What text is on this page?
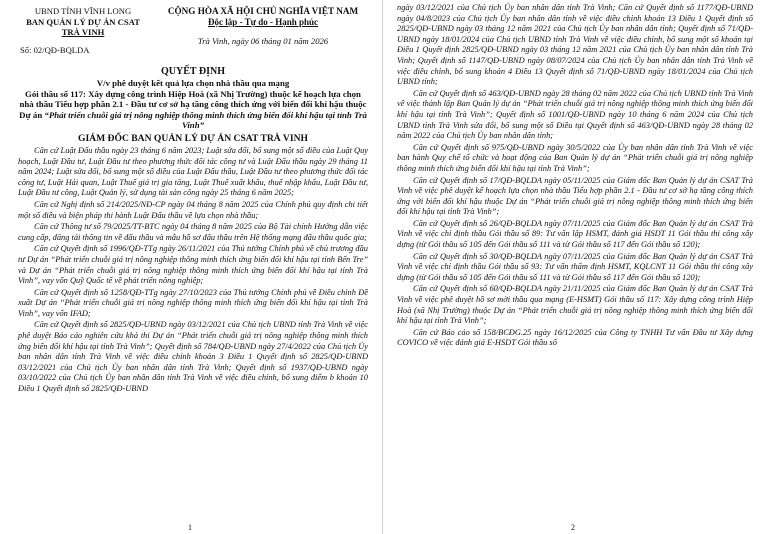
UBND TỈNH VĨNH LONG
BAN QUẢN LÝ DỰ ÁN CSAT
TRÀ VINH
Số: 02/QĐ-BQLDA
CỘNG HÒA XÃ HỘI CHỦ NGHĨA VIỆT NAM
Độc lập - Tự do - Hạnh phúc
Trà Vinh, ngày 06 tháng 01 năm 2026
QUYẾT ĐỊNH
V/v phê duyệt kết quả lựa chọn nhà thầu qua mạng
Gói thầu số 117: Xây dựng công trình Hiệp Hoà (xã Nhị Trường) thuộc kế hoạch lựa chọn nhà thầu Tiểu hợp phần 2.1 - Đầu tư cơ sở hạ tầng công thích ứng với biến đổi khí hậu thuộc Dự án “Phát triển chuỗi giá trị nông nghiệp thông minh thích ứng biến đổi khí hậu tại tỉnh Trà Vinh”
GIÁM ĐỐC BAN QUẢN LÝ DỰ ÁN CSAT TRÀ VINH

Căn cứ Luật Đấu thầu ngày 23 tháng 6 năm 2023; Luật sửa đổi, bổ sung một số điều của Luật Quy hoạch, Luật Đầu tư, Luật Đầu tư theo phương thức đối tác công tư và Luật Đấu thầu ngày 29 tháng 11 năm 2024; Luật sửa đổi, bổ sung một số điều của Luật Đấu thầu, Luật Đầu tư theo phương thức đối tác công tư, Luật Hải quan, Luật Thuế giá trị gia tăng, Luật Thuế xuất khẩu, thuế nhập khẩu, Luật Đầu tư, Luật Đầu tư công, Luật Quản lý, sử dụng tài sản công ngày 25 tháng 6 năm 2025;

Căn cứ Nghị định số 214/2025/NĐ-CP ngày 04 tháng 8 năm 2025 của Chính phủ quy định chi tiết một số điều và biện pháp thi hành Luật Đấu thầu về lựa chọn nhà thầu;

Căn cứ Thông tư số 79/2025/TT-BTC ngày 04 tháng 8 năm 2025 của Bộ Tài chính Hướng dẫn việc cung cấp, đăng tải thông tin về đấu thầu và mẫu hồ sơ đấu thầu trên Hệ thống mạng đấu thầu quốc gia;

Căn cứ Quyết định số 1996/QĐ-TTg ngày 26/11/2021 của Thủ tướng Chính phủ về chủ trương đầu tư Dự án “Phát triển chuỗi giá trị nông nghiệp thông minh thích ứng biến đổi khí hậu tại tỉnh Bến Tre” và Dự án “Phát triển chuỗi giá trị nông nghiệp thông minh thích ứng biến đổi khí hậu tại tỉnh Trà Vinh”, vay vốn Quỹ Quốc tế về phát triển nông nghiệp;

Căn cứ Quyết định số 1258/QĐ-TTg ngày 27/10/2023 của Thủ tướng Chính phủ về Điều chỉnh Đề xuất Dự án “Phát triển chuỗi giá trị nông nghiệp thông minh thích ứng biến đổi khí hậu tại tỉnh Trà Vinh”, vay vốn IFAD;

Căn cứ Quyết định số 2825/QĐ-UBND ngày 03/12/2021 của Chủ tịch UBND tỉnh Trà Vinh về việc phê duyệt Báo cáo nghiên cứu khả thi Dự án “Phát triển chuỗi giá trị nông nghiệp thông minh thích ứng biến đổi khí hậu tại tỉnh Trà Vinh”; Quyết định số 784/QĐ-UBND ngày 27/4/2022 của Chủ tịch Ủy ban nhân dân tỉnh Trà Vinh về việc điều chỉnh khoản 3 Điều 1 Quyết định số 2825/QĐ-UBND 03/12/2021 của Chủ tịch Ủy ban nhân dân tỉnh Trà Vinh; Quyết định số 1937/QĐ-UBND ngày 03/10/2022 của Chủ tịch Ủy ban nhân dân tỉnh Trà Vinh về việc điều chỉnh, bổ sung điểm b khoản 10 Điều 1 Quyết định số 2825/QĐ-UBND

1

ngày 03/12/2021 của Chủ tịch Ủy ban nhân dân tỉnh Trà Vinh; Căn cứ Quyết định số 1177/QĐ-UBND ngày 04/8/2023 của Chủ tịch Ủy ban nhân dân tỉnh về việc điều chỉnh khoản 13 Điều 1 Quyết định số 2825/QĐ-UBND ngày 03 tháng 12 năm 2021 của Chủ tịch Ủy ban nhân dân tỉnh; Quyết định số 71/QĐ-UBND ngày 18/01/2024 của Chủ tịch UBND tỉnh Trà Vinh về việc điều chỉnh, bổ sung một số khoản tại Điều 1 Quyết định 2825/QĐ-UBND ngày 03 tháng 12 năm 2021 của Chủ tịch Ủy ban nhân dân tỉnh Trà Vinh; Quyết định số 1147/QĐ-UBND ngày 08/07/2024 của Chủ tịch Ủy ban nhân dân tỉnh Trà Vinh về việc điều chỉnh, bổ sung khoản 4 Điều 13 Quyết định số 71/QĐ-UBND ngày 18/01/2024 của Chủ tịch UBND tỉnh;

Căn cứ Quyết định số 463/QĐ-UBND ngày 28 tháng 02 năm 2022 của Chủ tịch UBND tỉnh Trà Vinh về việc thành lập Ban Quản lý dự án “Phát triển chuỗi giá trị nông nghiệp thông minh thích ứng biến đổi khí hậu tại tỉnh Trà Vinh”; Quyết định số 1001/QĐ-UBND ngày 10 tháng 6 năm 2024 của Chủ tịch UBND tỉnh Trà Vinh sửa đổi, bổ sung một số Điều tại Quyết định số 463/QĐ-UBND ngày 28 tháng 02 năm 2022 của Chủ tịch Ủy ban nhân dân tỉnh;

Căn cứ Quyết định số 975/QĐ-UBND ngày 30/5/2022 của Ủy ban nhân dân tỉnh Trà Vinh về việc ban hành Quy chế tổ chức và hoạt động của Ban Quản lý dự án “Phát triển chuỗi giá trị nông nghiệp thông minh thích ứng biến đổi khí hậu tại tỉnh Trà Vinh”;

Căn cứ Quyết định số 17/QĐ-BQLDA ngày 05/11/2025 của Giám đốc Ban Quản lý dự án CSAT Trà Vinh về việc phê duyệt kế hoạch lựa chọn nhà thầu Tiểu hợp phần 2.1 - Đầu tư cơ sở hạ tầng công thích ứng với biến đổi khí hậu thuộc Dự án “Phát triển chuỗi giá trị nông nghiệp thông minh thích ứng biến đổi khí hậu tại tỉnh Trà Vinh”;

Căn cứ Quyết định số 26/QĐ-BQLDA ngày 07/11/2025 của Giám đốc Ban Quản lý dự án CSAT Trà Vinh về việc chỉ định thầu Gói thầu số 89: Tư vấn lập HSMT, đánh giá HSDT 11 Gói thầu thi công xây dựng (từ Gói thầu số 105 đến Gói thầu số 111 và từ Gói thầu số 117 đến Gói thầu số 120);

Căn cứ Quyết định số 30/QĐ-BQLDA ngày 07/11/2025 của Giám đốc Ban Quản lý dự án CSAT Trà Vinh về việc chỉ định thầu Gói thầu số 93: Tư vấn thẩm định HSMT, KQLCNT 11 Gói thầu thi công xây dựng (từ Gói thầu số 105 đến Gói thầu số 111 và từ Gói thầu số 117 đến Gói thầu số 120);

Căn cứ Quyết định số 60/QĐ-BQLDA ngày 21/11/2025 của Giám đốc Ban Quản lý dự án CSAT Trà Vinh về việc phê duyệt hồ sơ mời thầu qua mạng (E-HSMT) Gói thầu số 117: Xây dựng công trình Hiệp Hoà (xã Nhị Trường) thuộc Dự án “Phát triển chuỗi giá trị nông nghiệp thông minh thích ứng biến đổi khí hậu tại tỉnh Trà Vinh”;

Căn cứ Báo cáo số 158/BCĐG.25 ngày 16/12/2025 của Công ty TNHH Tư vấn Đầu tư Xây dựng COVICO về việc đánh giá E-HSDT Gói thầu số

2
